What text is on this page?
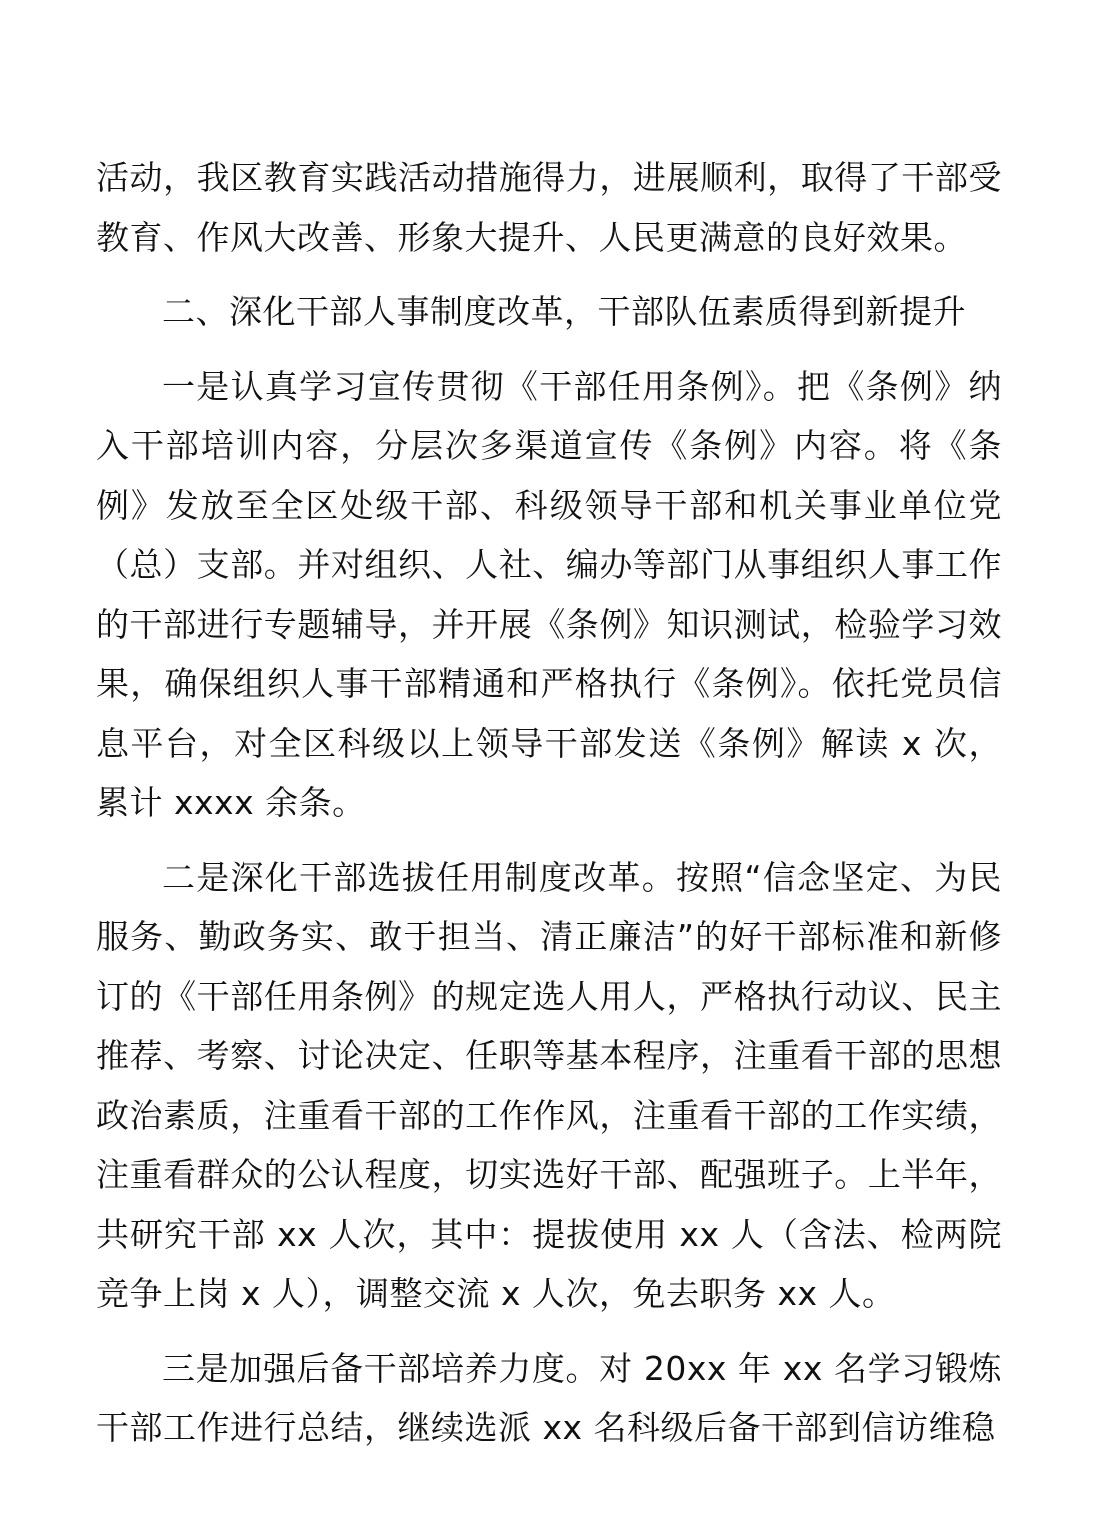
活动，我区教育实践活动措施得力，进展顺利，取得了干部受教育、作风大改善、形象大提升、人民更满意的良好效果。

二、深化干部人事制度改革，干部队伍素质得到新提升

一是认真学习宣传贯彻《干部任用条例》。把《条例》纳入干部培训内容，分层次多渠道宣传《条例》内容。将《条例》发放至全区处级干部、科级领导干部和机关事业单位党（总）支部。并对组织、人社、编办等部门从事组织人事工作的干部进行专题辅导，并开展《条例》知识测试，检验学习效果，确保组织人事干部精通和严格执行《条例》。依托党员信息平台，对全区科级以上领导干部发送《条例》解读 x 次，累计 xxxx 余条。

二是深化干部选拔任用制度改革。按照“信念坚定、为民服务、勤政务实、敢于担当、清正廉洁”的好干部标准和新修订的《干部任用条例》的规定选人用人，严格执行动议、民主推荐、考察、讨论决定、任职等基本程序，注重看干部的思想政治素质，注重看干部的工作作风，注重看干部的工作实绩，注重看群众的公认程度，切实选好干部、配强班子。上半年，共研究干部 xx 人次，其中：提拔使用 xx 人（含法、检两院竞争上岗 x 人），调整交流 x 人次，免去职务 xx 人。

三是加强后备干部培养力度。对 20xx 年 xx 名学习锻炼干部工作进行总结，继续选派 xx 名科级后备干部到信访维稳
